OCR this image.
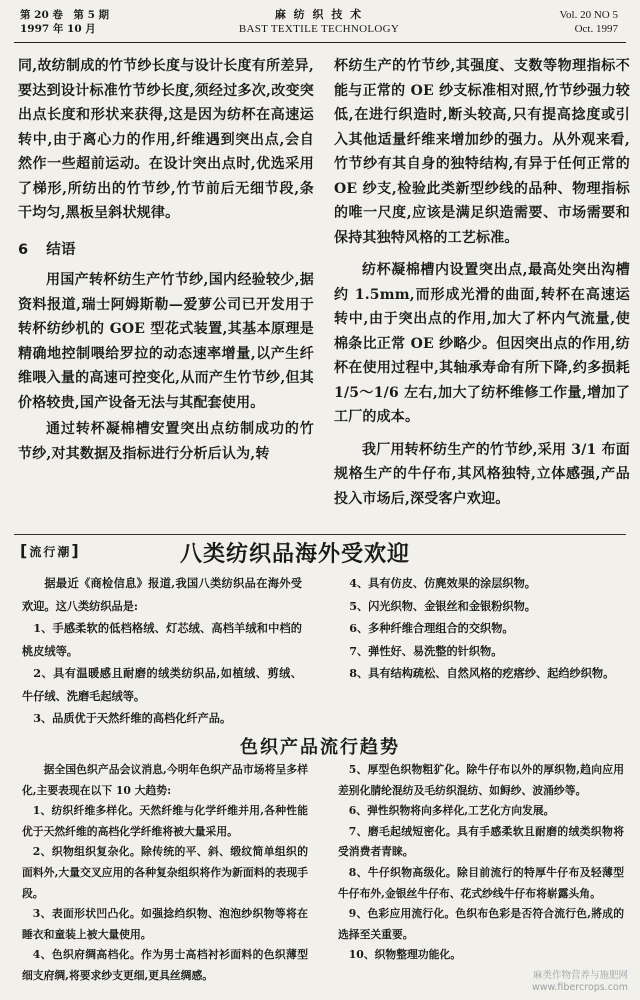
第 20 卷　第 5 期
1997 年 10 月
麻 纺 织 技 术
BAST TEXTILE TECHNOLOGY
Vol. 20 NO 5
Oct. 1997

同,故纺制成的竹节纱长度与设计长度有所差异,要达到设计标准竹节纱长度,须经过多次,改变突出点长度和形状来获得,这是因为纺杯在高速运转中,由于离心力的作用,纤维遇到突出点,会自然作一些超前运动。在设计突出点时,优选采用了梯形,所纺出的竹节纱,竹节前后无细节段,条干均匀,黑板呈斜状规律。

6 结语

用国产转杯纺生产竹节纱,国内经验较少,据资料报道,瑞士阿姆斯勒—爱萝公司已开发用于转杯纺纱机的 GOE 型花式装置,其基本原理是精确地控制喂给罗拉的动态速率增量,以产生纤维喂入量的高速可控变化,从而产生竹节纱,但其价格较贵,国产设备无法与其配套使用。

通过转杯凝棉槽安置突出点纺制成功的竹节纱,对其数据及指标进行分析后认为,转

杯纺生产的竹节纱,其强度、支数等物理指标不能与正常的 OE 纱支标准相对照,竹节纱强力较低,在进行织造时,断头较高,只有提高捻度或引入其他适量纤维来增加纱的强力。从外观来看,竹节纱有其自身的独特结构,有异于任何正常的 OE 纱支,检验此类新型纱线的品种、物理指标的唯一尺度,应该是满足织造需要、市场需要和保持其独特风格的工艺标准。

纺杯凝棉槽内设置突出点,最高处突出沟槽约 1.5mm,而形成光滑的曲面,转杯在高速运转中,由于突出点的作用,加大了杯内气流量,使棉条比正常 OE 纱略少。但因突出点的作用,纺杯在使用过程中,其轴承寿命有所下降,约多损耗 1/5～1/6 左右,加大了纺杯维修工作量,增加了工厂的成本。

我厂用转杯纺生产的竹节纱,采用 3/1 布面规格生产的牛仔布,其风格独特,立体感强,产品投入市场后,深受客户欢迎。

[流行潮]	八类纺织品海外受欢迎

据最近《商检信息》报道,我国八类纺织品在海外受欢迎。这八类纺织品是:

1、手感柔软的低档格绒、灯芯绒、高档羊绒和中档的桃皮绒等。

2、具有温暖感且耐磨的绒类纺织品,如植绒、剪绒、牛仔绒、洗磨毛起绒等。

3、品质优于天然纤维的高档化纤产品。

4、具有仿皮、仿麂效果的涂层织物。

5、闪光织物、金银丝和金银粉织物。

6、多种纤维合理组合的交织物。

7、弹性好、易洗整的针织物。

8、具有结构疏松、自然风格的疙瘩纱、起绉纱织物。

色织产品流行趋势

据全国色织产品会议消息,今明年色织产品市场将呈多样化,主要表现在以下 10 大趋势:

1、纺织纤维多样化。天然纤维与化学纤维并用,各种性能优于天然纤维的高档化学纤维将被大量采用。

2、织物组织复杂化。除传统的平、斜、缎纹简单组织的面料外,大量交叉应用的各种复杂组织将作为新面料的表现手段。

3、表面形状凹凸化。如强捻绉织物、泡泡纱织物等将在睡衣和童装上被大量使用。

4、色织府绸高档化。作为男士高档衬衫面料的色织薄型细支府绸,将要求纱支更细,更具丝绸感。

5、厚型色织物粗犷化。除牛仔布以外的厚织物,趋向应用差别化腈纶混纺及毛纺织混纺、如鲟纱、波涌纱等。

6、弹性织物将向多样化,工艺化方向发展。

7、磨毛起绒短密化。具有手感柔软且耐磨的绒类织物将受消费者青睐。

8、牛仔织物高级化。除目前流行的特厚牛仔布及轻薄型牛仔布外,金银丝牛仔布、花式纱线牛仔布将崭露头角。

9、色彩应用流行化。色织布色彩是否符合流行色,將成的选择至关重要。

10、织物整理功能化。

麻类作物营养与施肥网
www.fibercrops.com
